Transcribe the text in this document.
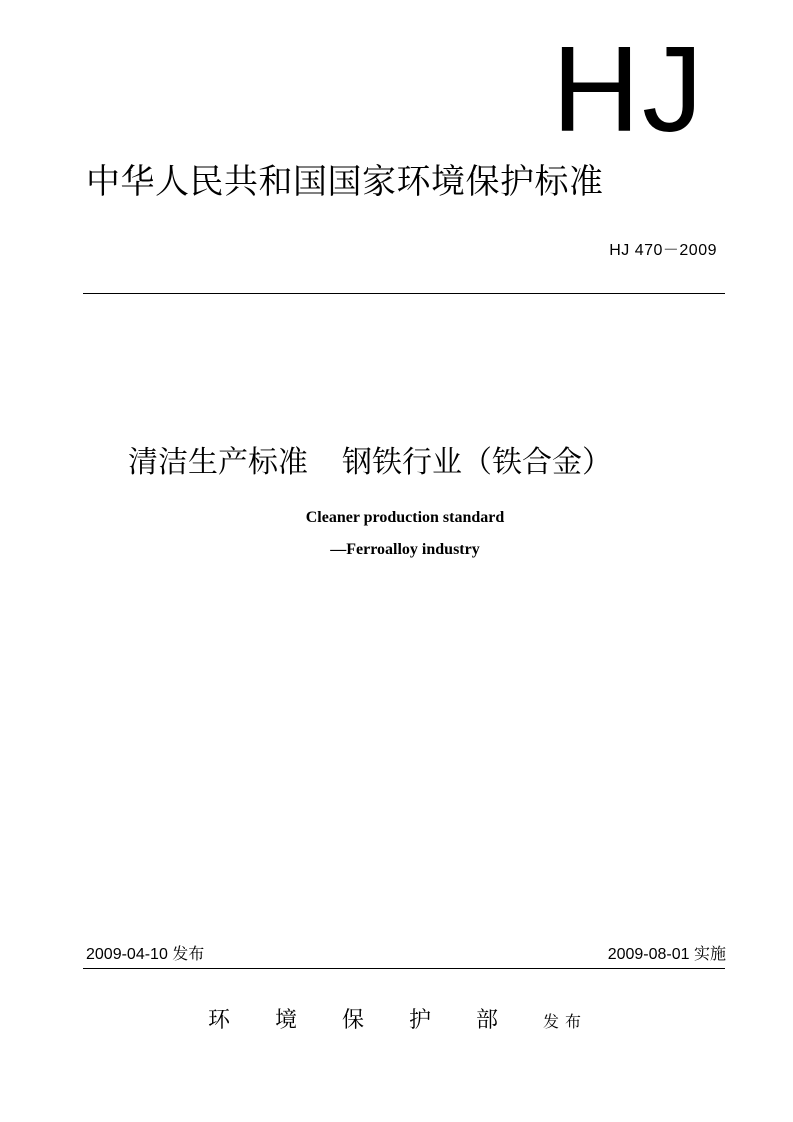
HJ
中华人民共和国国家环境保护标准
HJ 470－2009
清洁生产标准 钢铁行业（铁合金）
Cleaner production standard
—Ferroalloy industry
2009-04-10 发布	2009-08-01 实施
环境保护部发布
